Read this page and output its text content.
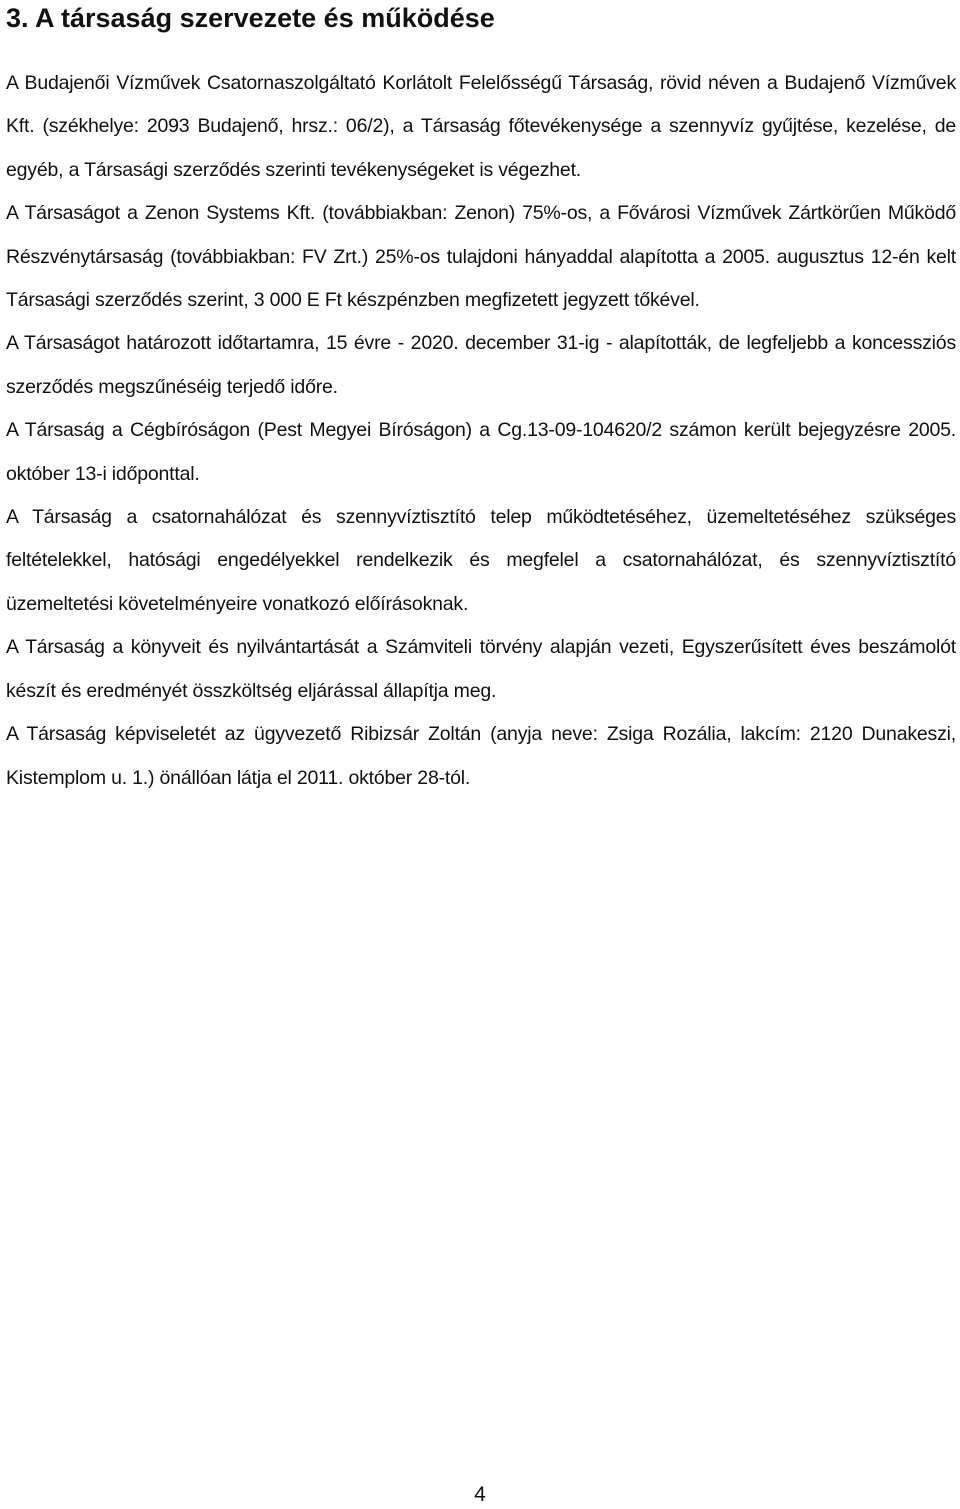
3. A társaság szervezete és működése

A Budajenői Vízművek Csatornaszolgáltató Korlátolt Felelősségű Társaság, rövid néven a Budajenő Vízművek Kft. (székhelye: 2093 Budajenő, hrsz.: 06/2), a Társaság főtevékenysége a szennyvíz gyűjtése, kezelése, de egyéb, a Társasági szerződés szerinti tevékenységeket is végezhet.

A Társaságot a Zenon Systems Kft. (továbbiakban: Zenon) 75%-os, a Fővárosi Vízművek Zártkörűen Működő Részvénytársaság (továbbiakban: FV Zrt.) 25%-os tulajdoni hányaddal alapította a 2005. augusztus 12-én kelt Társasági szerződés szerint, 3 000 E Ft készpénzben megfizetett jegyzett tőkével.

A Társaságot határozott időtartamra, 15 évre - 2020. december 31-ig - alapították, de legfeljebb a koncessziós szerződés megszűnéséig terjedő időre.

A Társaság a Cégbíróságon (Pest Megyei Bíróságon) a Cg.13-09-104620/2 számon került bejegyzésre 2005. október 13-i időponttal.

A Társaság a csatornahálózat és szennyvíztisztító telep működtetéséhez, üzemeltetéséhez szükséges feltételekkel, hatósági engedélyekkel rendelkezik és megfelel a csatornahálózat, és szennyvíztisztító üzemeltetési követelményeire vonatkozó előírásoknak.

A Társaság a könyveit és nyilvántartását a Számviteli törvény alapján vezeti, Egyszerűsített éves beszámolót készít és eredményét összköltség eljárással állapítja meg.

A Társaság képviseletét az ügyvezető Ribizsár Zoltán (anyja neve: Zsiga Rozália, lakcím: 2120 Dunakeszi, Kistemplom u. 1.) önállóan látja el 2011. október 28-tól.

4
